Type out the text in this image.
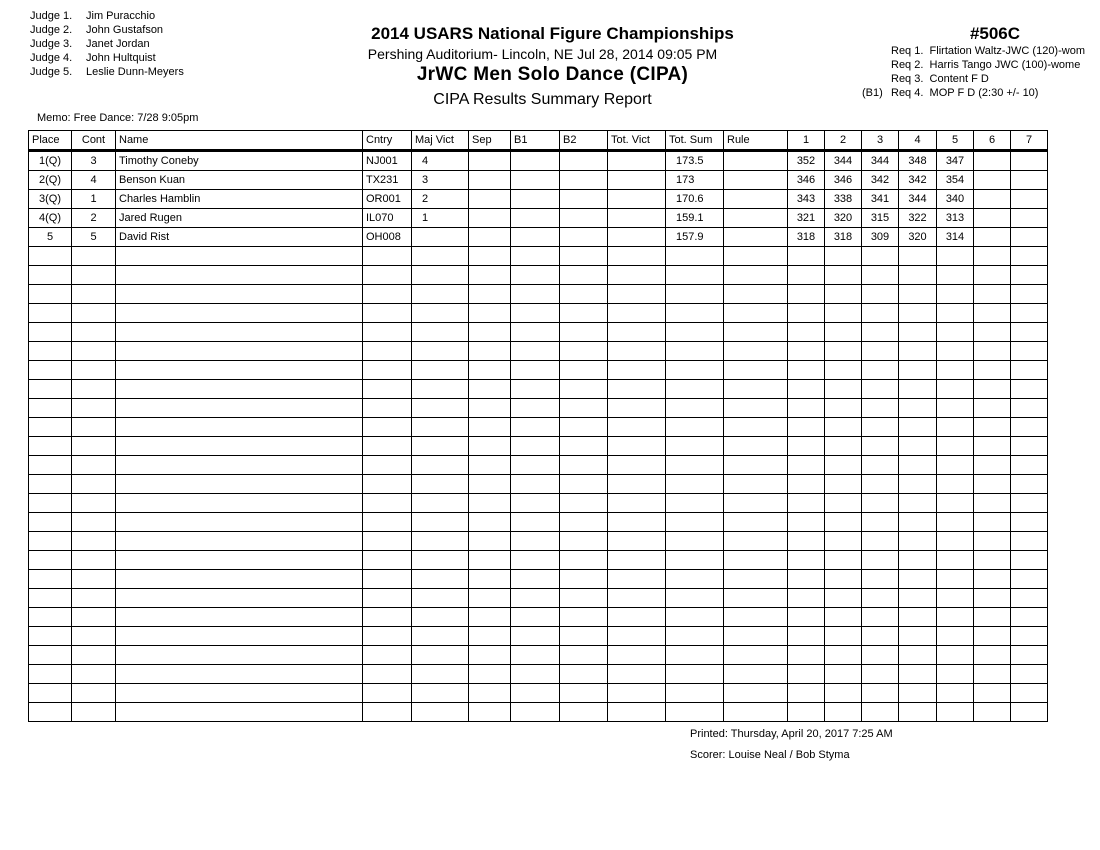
Judge 1. Jim Puracchio
Judge 2. John Gustafson
Judge 3. Janet Jordan
Judge 4. John Hultquist
Judge 5. Leslie Dunn-Meyers
2014 USARS National Figure Championships
Pershing Auditorium- Lincoln, NE Jul 28, 2014 09:05 PM
JrWC Men Solo Dance (CIPA)
CIPA Results Summary Report
#506C
Req 1. Flirtation Waltz-JWC (120)-wom
Req 2. Harris Tango JWC (100)-wome
Req 3. Content F D
(B1) Req 4. MOP F D (2:30 +/- 10)
Memo: Free Dance: 7/28 9:05pm
Place	Cont	Name	Cntry	Maj Vict	Sep	B1	B2	Tot. Vict	Tot. Sum	Rule	1	2	3	4	5	6	7
1(Q)	3	Timothy Coneby	NJ001	4					173.5		352	344	344	348	347		
2(Q)	4	Benson Kuan	TX231	3					173		346	346	342	342	354		
3(Q)	1	Charles Hamblin	OR001	2					170.6		343	338	341	344	340		
4(Q)	2	Jared Rugen	IL070	1					159.1		321	320	315	322	313		
5	5	David Rist	OH008						157.9		318	318	309	320	314		

Printed: Thursday, April 20, 2017 7:25 AM
Scorer: Louise Neal / Bob Styma
